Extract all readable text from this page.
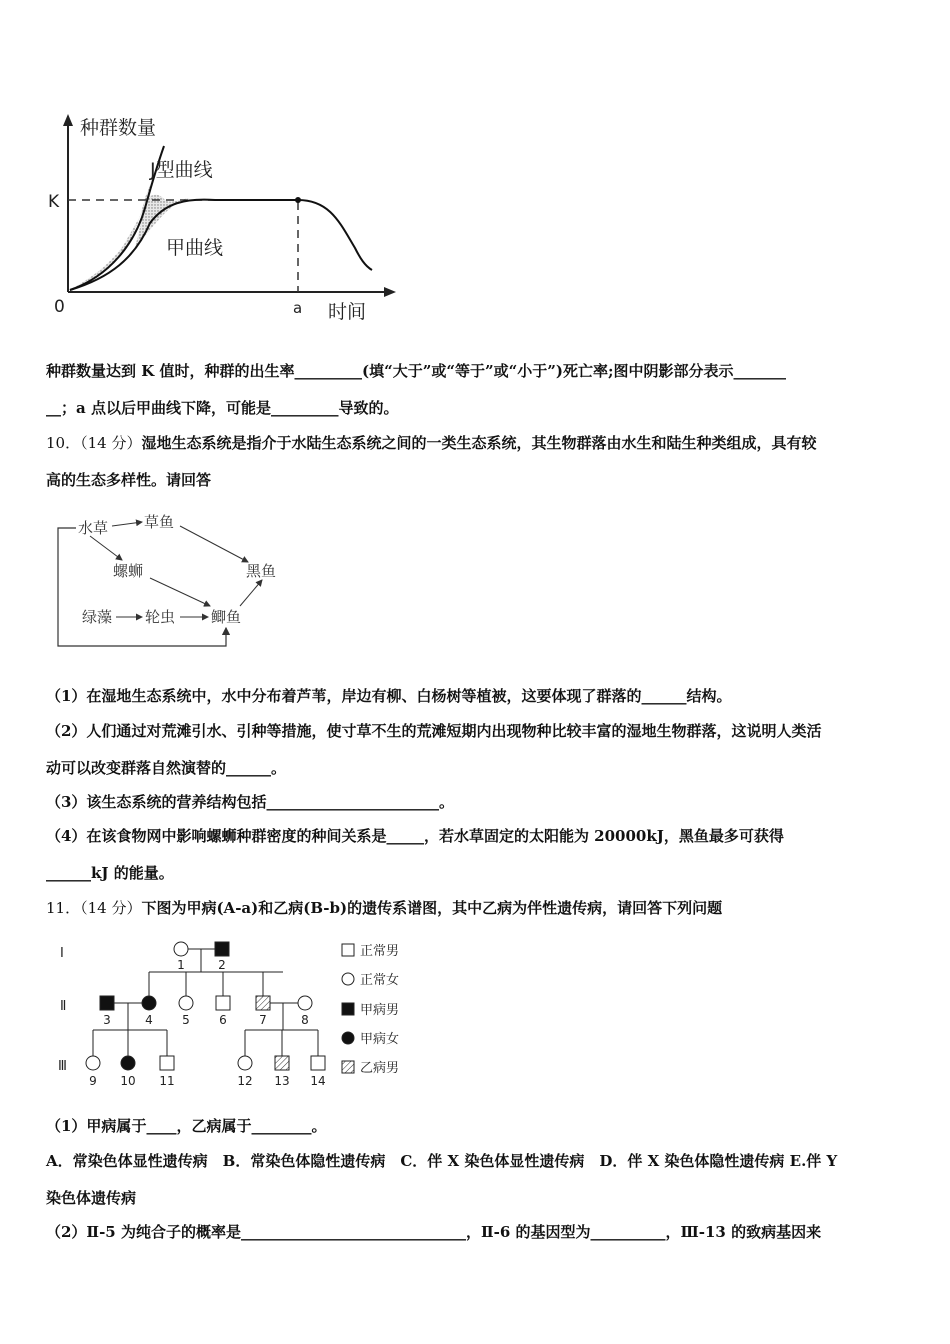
种群数量
时间
K
0	a
J型曲线
甲曲线
种群数量达到 K 值时，种群的出生率_________(填“大于”或“等于”或“小于”)死亡率;图中阴影部分表示_______
__；a 点以后甲曲线下降，可能是_________导致的。
10．（14 分）湿地生态系统是指介于水陆生态系统之间的一类生态系统，其生物群落由水生和陆生种类组成，具有较
高的生态多样性。请回答
水草 草鱼
螺蛳	黑鱼
绿藻 轮虫 鲫鱼
（1）在湿地生态系统中，水中分布着芦苇，岸边有柳、白杨树等植被，这要体现了群落的______结构。
（2）人们通过对荒滩引水、引种等措施，使寸草不生的荒滩短期内出现物种比较丰富的湿地生物群落，这说明人类活
动可以改变群落自然演替的______。
（3）该生态系统的营养结构包括_______________________。
（4）在该食物网中影响螺蛳种群密度的种间关系是_____，若水草固定的太阳能为 20000kJ，黑鱼最多可获得
______kJ 的能量。
11．（14 分）下图为甲病(A-a)和乙病(B-b)的遗传系谱图，其中乙病为伴性遗传病，请回答下列问题
Ⅰ
Ⅱ
Ⅲ
1	2
3	4 5 6	7	8
9 10 11	12 13 14
正常男
正常女
甲病男
甲病女
乙病男
（1）甲病属于____，乙病属于________。
A．常染色体显性遗传病　B．常染色体隐性遗传病　C．伴 X 染色体显性遗传病　D．伴 X 染色体隐性遗传病 E.伴 Y
染色体遗传病
（2）Ⅱ-5 为纯合子的概率是______________________________，Ⅱ-6 的基因型为__________，Ⅲ-13 的致病基因来
